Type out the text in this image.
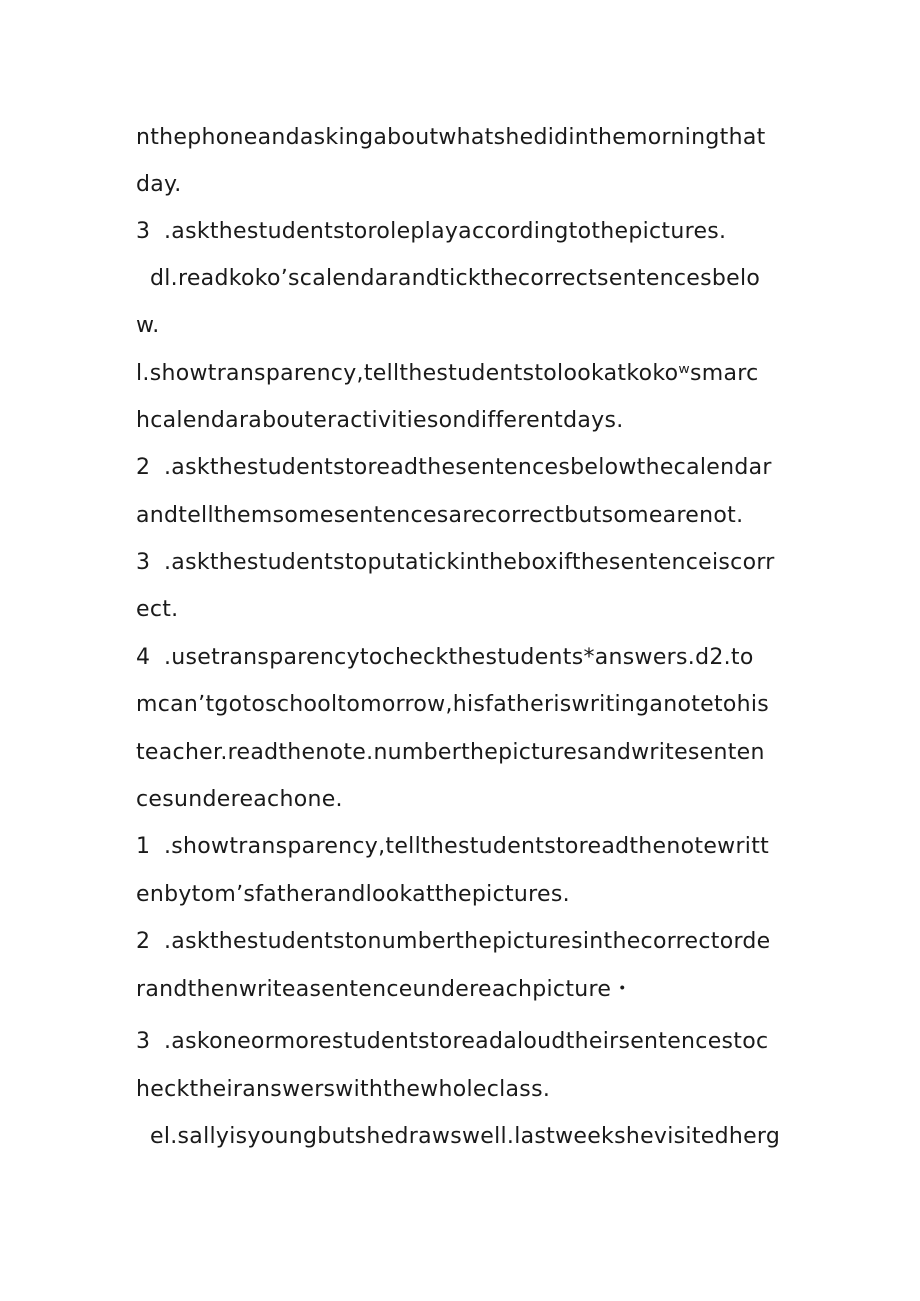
nthephoneandaskingaboutwhatshedidinthemorningthat
day.
3 .askthestudentstoroleplayaccordingtothepictures.
dl.readkokoʼscalendarandtickthecorrectsentencesbelo
w.
l.showtransparency,tellthestudentstolookatkokoʷsmarc
hcalendarabouteractivitiesondifferentdays.
2 .askthestudentstoreadthesentencesbelowthecalendar
andtellthemsomesentencesarecorrectbutsomearenot.
3 .askthestudentstoputatickintheboxifthesentenceiscorr
ect.
4 .usetransparencytocheckthestudents*answers.d2.to
mcanʼtgotoschooltomorrow,hisfatheriswritinganotetohis
teacher.readthenote.numberthepicturesandwritesenten
cesundereachone.
1 .showtransparency,tellthestudentstoreadthenotewritt
enbytomʼsfatherandlookatthepictures.
2 .askthestudentstonumberthepicturesinthecorrectorde
randthenwriteasentenceundereachpicture・
3 .askoneormorestudentstoreadaloudtheirsentencestoc
hecktheiranswerswiththewholeclass.
el.sallyisyoungbutshedrawswell.lastweekshevisitedherg
